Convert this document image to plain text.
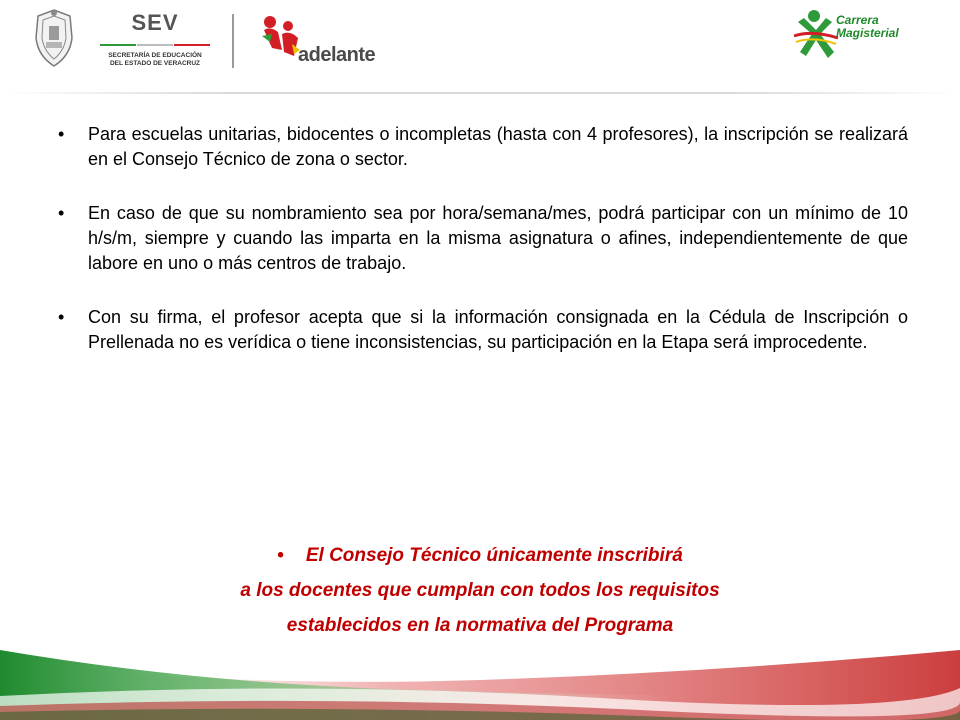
SEV
SECRETARÍA DE EDUCACIÓN
DEL ESTADO DE VERACRUZ	adelante
Carrera
Magisterial
• Para escuelas unitarias, bidocentes o incompletas (hasta con 4 profesores), la inscripción se realizará en el Consejo Técnico de zona o sector.
• En caso de que su nombramiento sea por hora/semana/mes, podrá participar con un mínimo de 10 h/s/m, siempre y cuando las imparta en la misma asignatura o afines, independientemente de que labore en uno o más centros de trabajo.
• Con su firma, el profesor acepta que si la información consignada en la Cédula de Inscripción o Prellenada no es verídica o tiene inconsistencias, su participación en la Etapa será improcedente.
• El Consejo Técnico únicamente inscribirá
a los docentes que cumplan con todos los requisitos
establecidos en la normativa del Programa
